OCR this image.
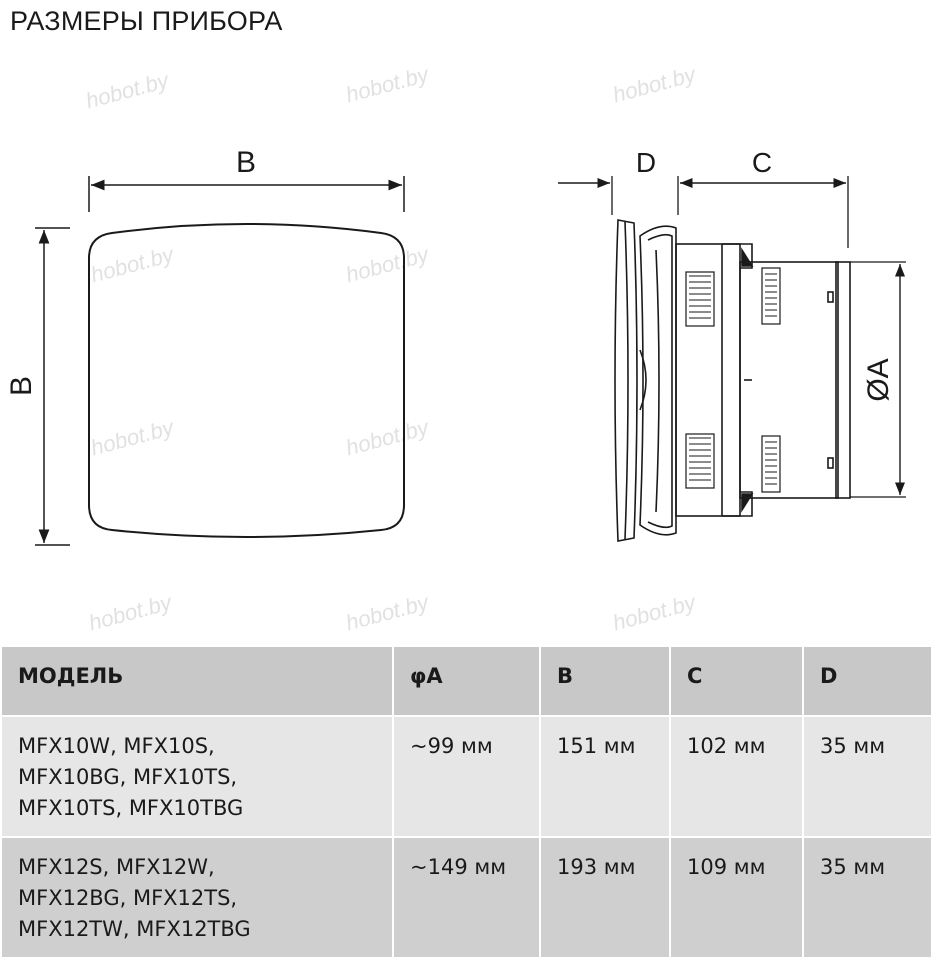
РАЗМЕРЫ ПРИБОРА
hobot.by	hobot.by	hobot.by
hobot.by	hobot.by
hobot.by	hobot.by
hobot.by	hobot.by	hobot.by
B
B
D	C
ØA
МОДЕЛЬ	φA	B	C	D

MFX10W, MFX10S,
MFX10BG, MFX10TS,
MFX10TS, MFX10TBG	~99 мм	151 мм	102 мм	35 мм

MFX12S, MFX12W,
MFX12BG, MFX12TS,
MFX12TW, MFX12TBG	~149 мм	193 мм	109 мм	35 мм
